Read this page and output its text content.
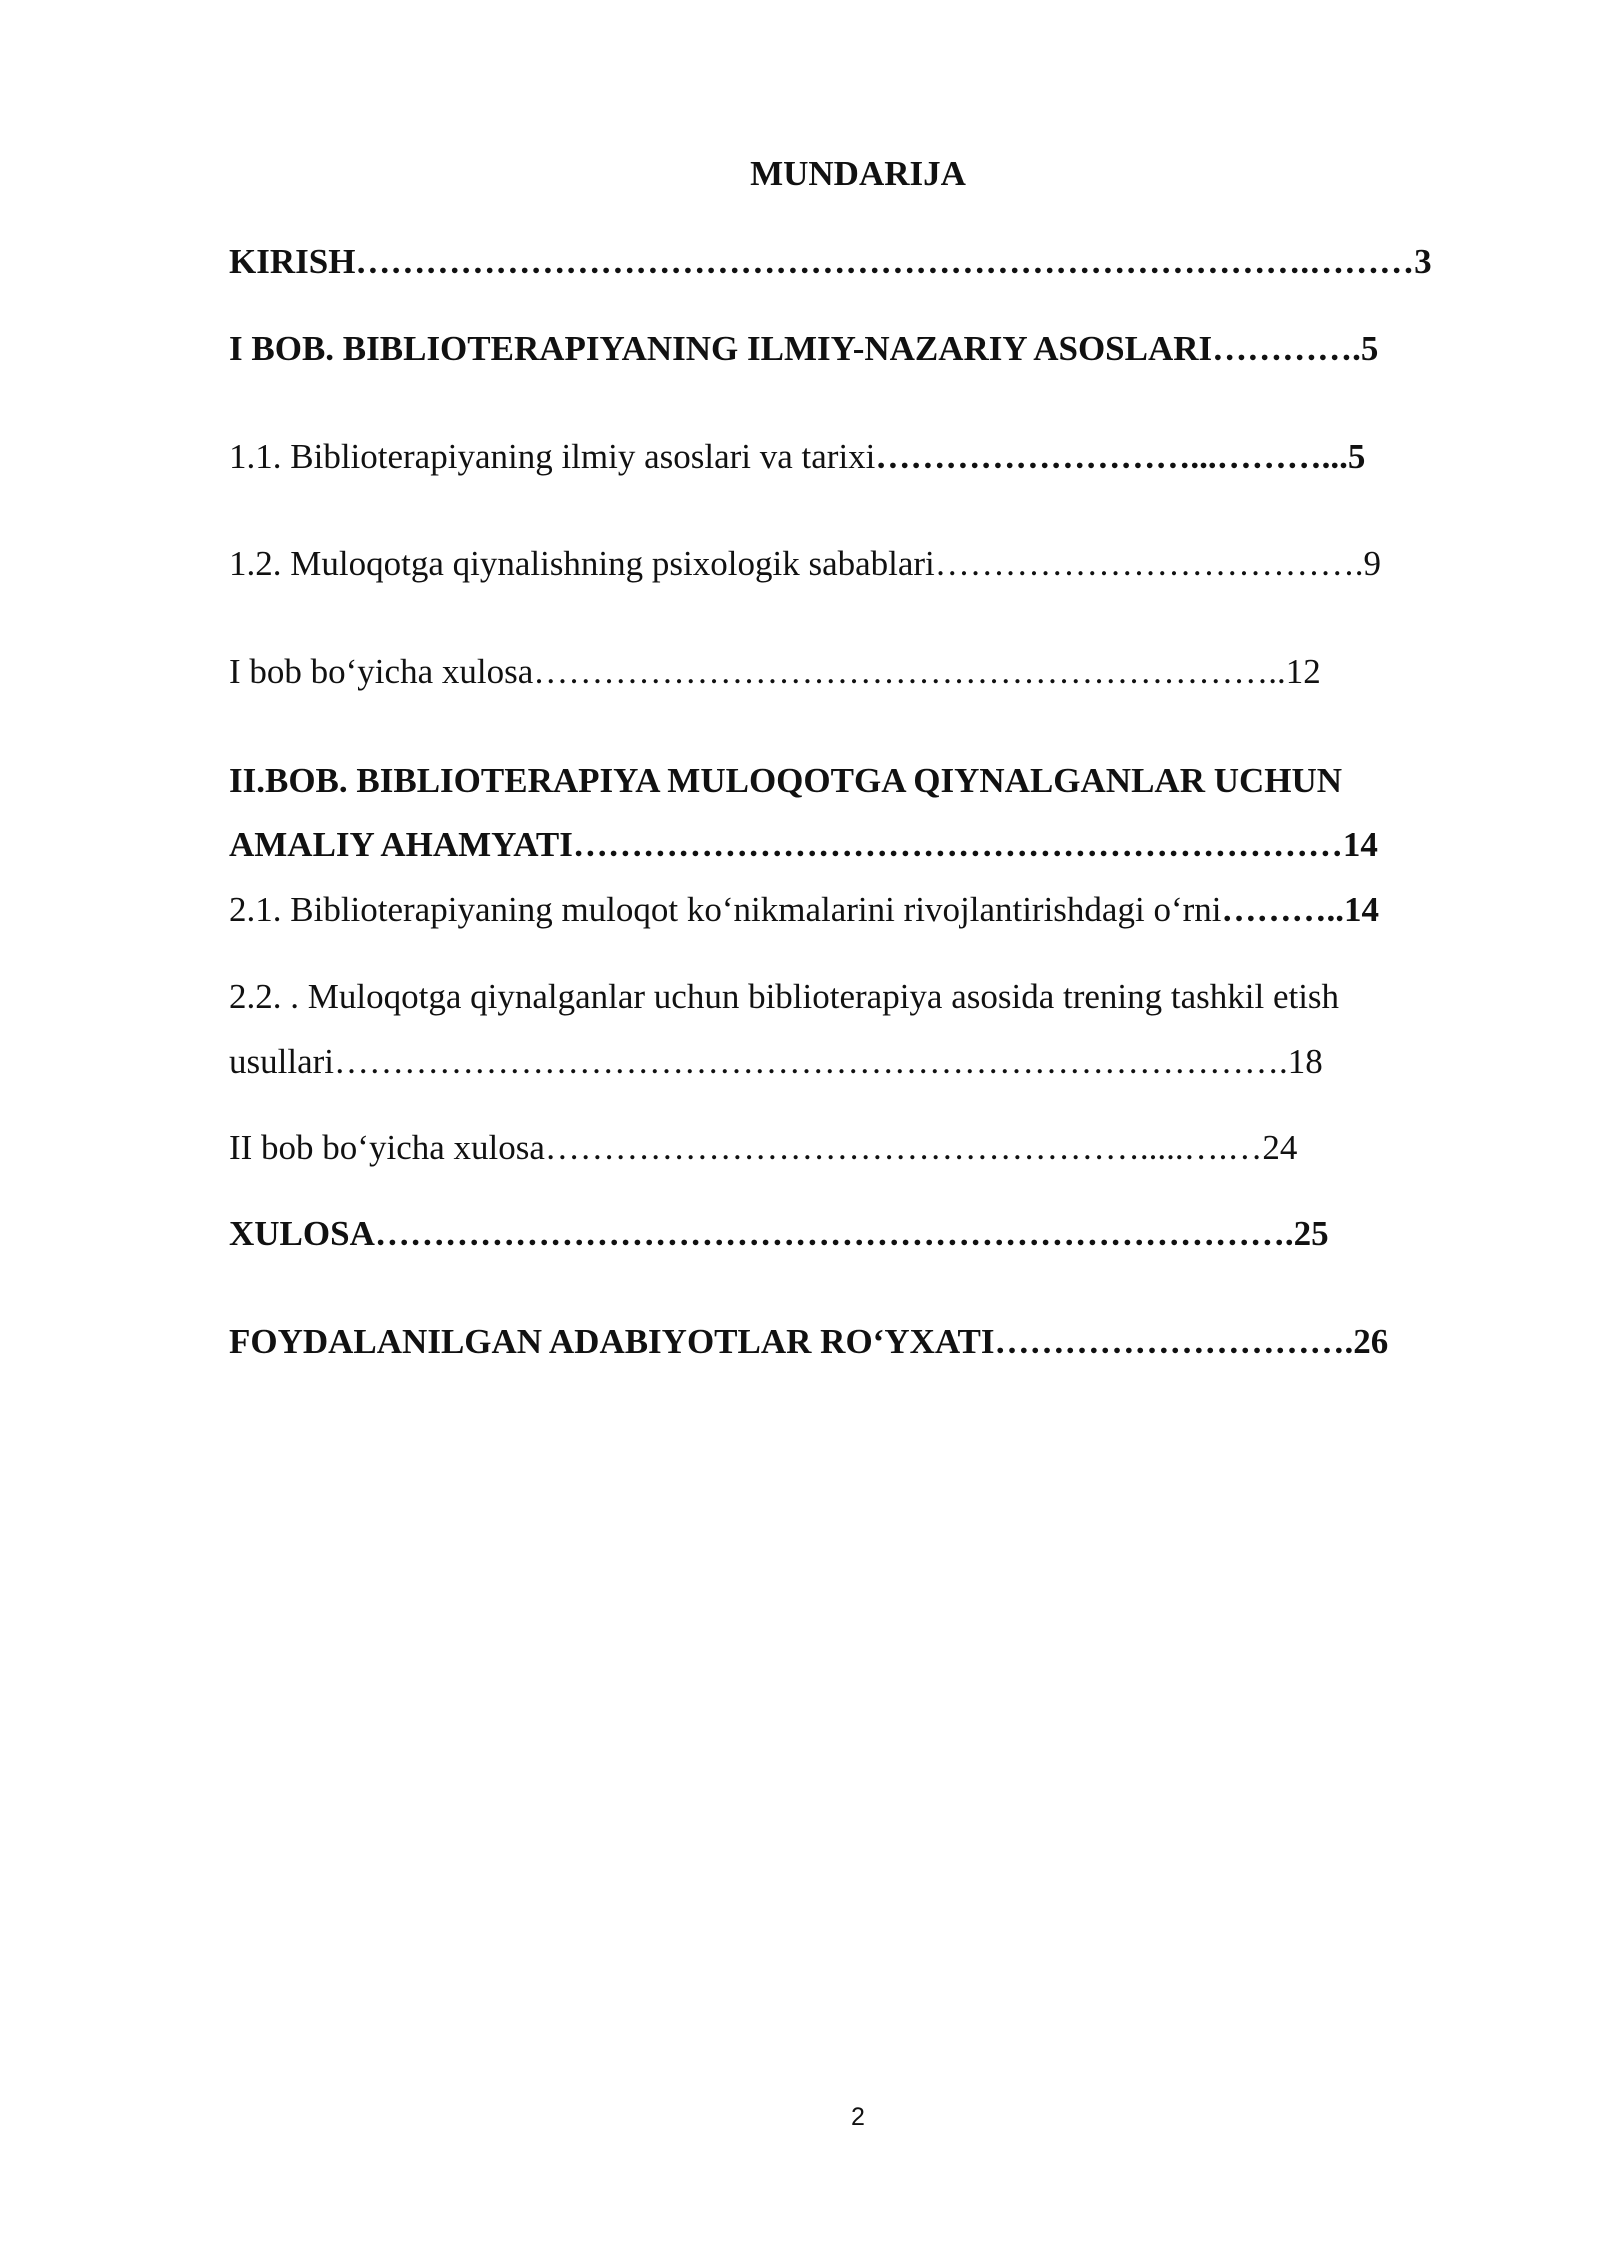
MUNDARIJA
KIRISH……………………………………………………………………….………3
I BOB. BIBLIOTERAPIYANING ILMIY-NAZARIY ASOSLARI………….5
1.1. Biblioterapiyaning ilmiy asoslari va tarixi………………………...………...5
1.2. Muloqotga qiynalishning psixologik sabablari……………………………….9
I bob bo‘yicha xulosa………………………………………………………..12
II.BOB. BIBLIOTERAPIYA MULOQOTGA QIYNALGANLAR UCHUN
AMALIY AHAMYATI…………………………………………………………14
2.1. Biblioterapiyaning muloqot ko‘nikmalarini rivojlantirishdagi o‘rni………..14
2.2. . Muloqotga qiynalganlar uchun biblioterapiya asosida trening tashkil etish
usullari……………………………………………………………………….18
II bob bo‘yicha xulosa…………………………………………….....….…24
XULOSA…………………………………………………………………….25
FOYDALANILGAN ADABIYOTLAR RO‘YXATI………………………….26
2
